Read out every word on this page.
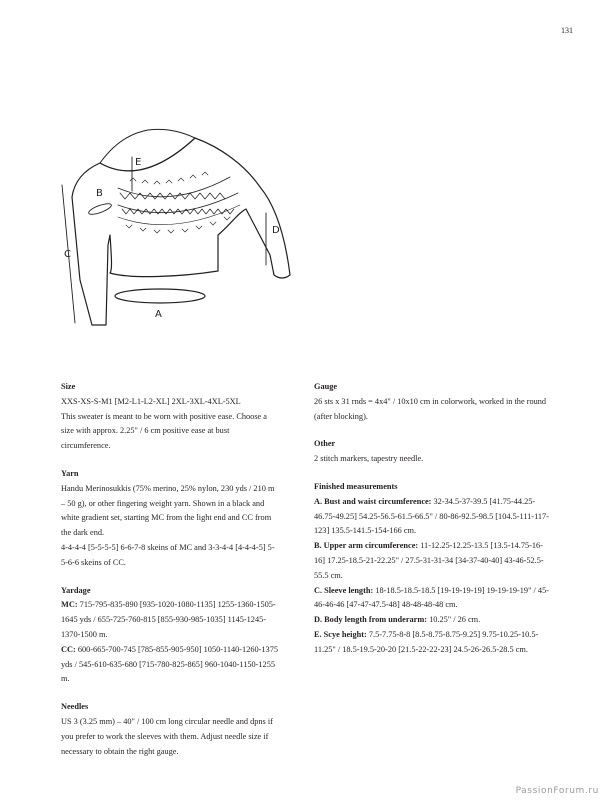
131
A
B
C
D
E

Size

XXS-XS-S-M1 [M2-L1-L2-XL] 2XL-3XL-4XL-5XL

This sweater is meant to be worn with positive ease. Choose a size with approx. 2.25" / 6 cm positive ease at bust circumference.

Yarn

Handu Merinosukkis (75% merino, 25% nylon, 230 yds / 210 m – 50 g), or other fingering weight yarn. Shown in a black and white gradient set, starting MC from the light end and CC from the dark end.

4-4-4-4 [5-5-5-5] 6-6-7-8 skeins of MC and 3-3-4-4 [4-4-4-5] 5-5-6-6 skeins of CC.

Yardage

MC: 715-795-835-890 [935-1020-1080-1135] 1255-1360-1505-1645 yds / 655-725-760-815 [855-930-985-1035] 1145-1245-1370-1500 m.

CC: 600-665-700-745 [785-855-905-950] 1050-1140-1260-1375 yds / 545-610-635-680 [715-780-825-865] 960-1040-1150-1255 m.

Needles

US 3 (3.25 mm) – 40" / 100 cm long circular needle and dpns if you prefer to work the sleeves with them. Adjust needle size if necessary to obtain the right gauge.

Gauge

26 sts x 31 rnds = 4x4" / 10x10 cm in colorwork, worked in the round (after blocking).

Other

2 stitch markers, tapestry needle.

Finished measurements

A. Bust and waist circumference: 32-34.5-37-39.5 [41.75-44.25-46.75-49.25] 54.25-56.5-61.5-66.5" / 80-86-92.5-98.5 [104.5-111-117-123] 135.5-141.5-154-166 cm.

B. Upper arm circumference: 11-12.25-12.25-13.5 [13.5-14.75-16-16] 17.25-18.5-21-22.25" / 27.5-31-31-34 [34-37-40-40] 43-46-52.5-55.5 cm.

C. Sleeve length: 18-18.5-18.5-18.5 [19-19-19-19] 19-19-19-19" / 45-46-46-46 [47-47-47.5-48] 48-48-48-48 cm.

D. Body length from underarm: 10.25" / 26 cm.

E. Scye height: 7.5-7.75-8-8 [8.5-8.75-8.75-9.25] 9.75-10.25-10.5-11.25" / 18.5-19.5-20-20 [21.5-22-22-23] 24.5-26-26.5-28.5 cm.

PassionForum.ru
